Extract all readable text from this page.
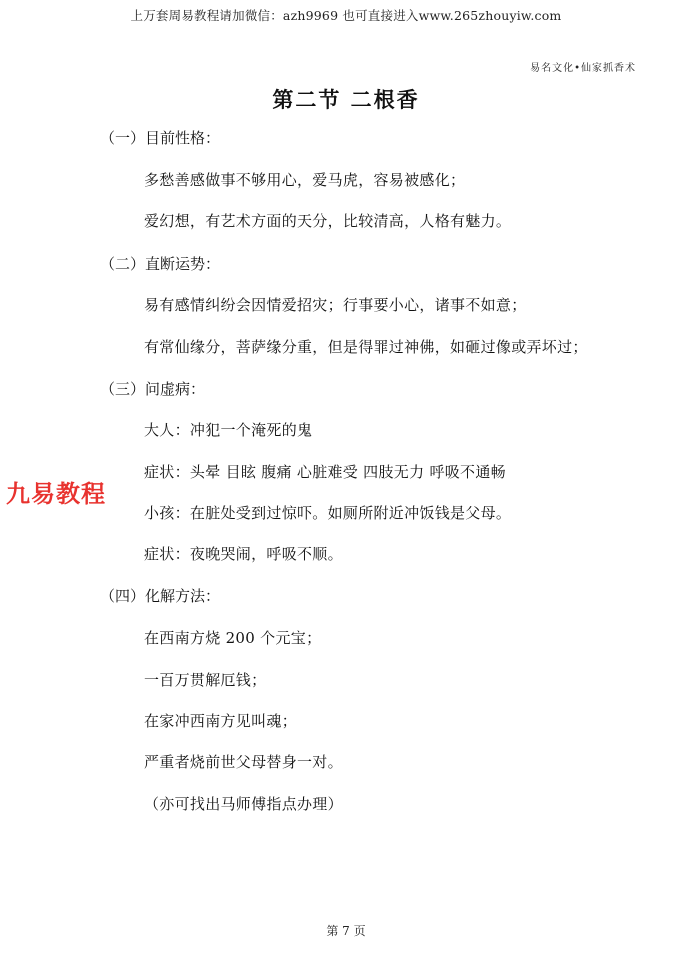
上万套周易教程请加微信：azh9969 也可直接进入www.265zhouyiw.com
易名文化•仙家抓香术
第二节 二根香
（一）目前性格：
多愁善感做事不够用心，爱马虎，容易被感化；
爱幻想，有艺术方面的天分，比较清高，人格有魅力。
（二）直断运势：
易有感情纠纷会因情爱招灾；行事要小心，诸事不如意；
有常仙缘分，菩萨缘分重，但是得罪过神佛，如砸过像或弄坏过；
（三）问虚病：
大人：冲犯一个淹死的鬼
症状：头晕 目眩 腹痛 心脏难受 四肢无力 呼吸不通畅
小孩：在脏处受到过惊吓。如厕所附近冲饭钱是父母。
症状：夜晚哭闹，呼吸不顺。
（四）化解方法：
在西南方烧 200 个元宝；
一百万贯解厄钱；
在家冲西南方见叫魂；
严重者烧前世父母替身一对。
（亦可找出马师傅指点办理）
九易教程
第 7 页
